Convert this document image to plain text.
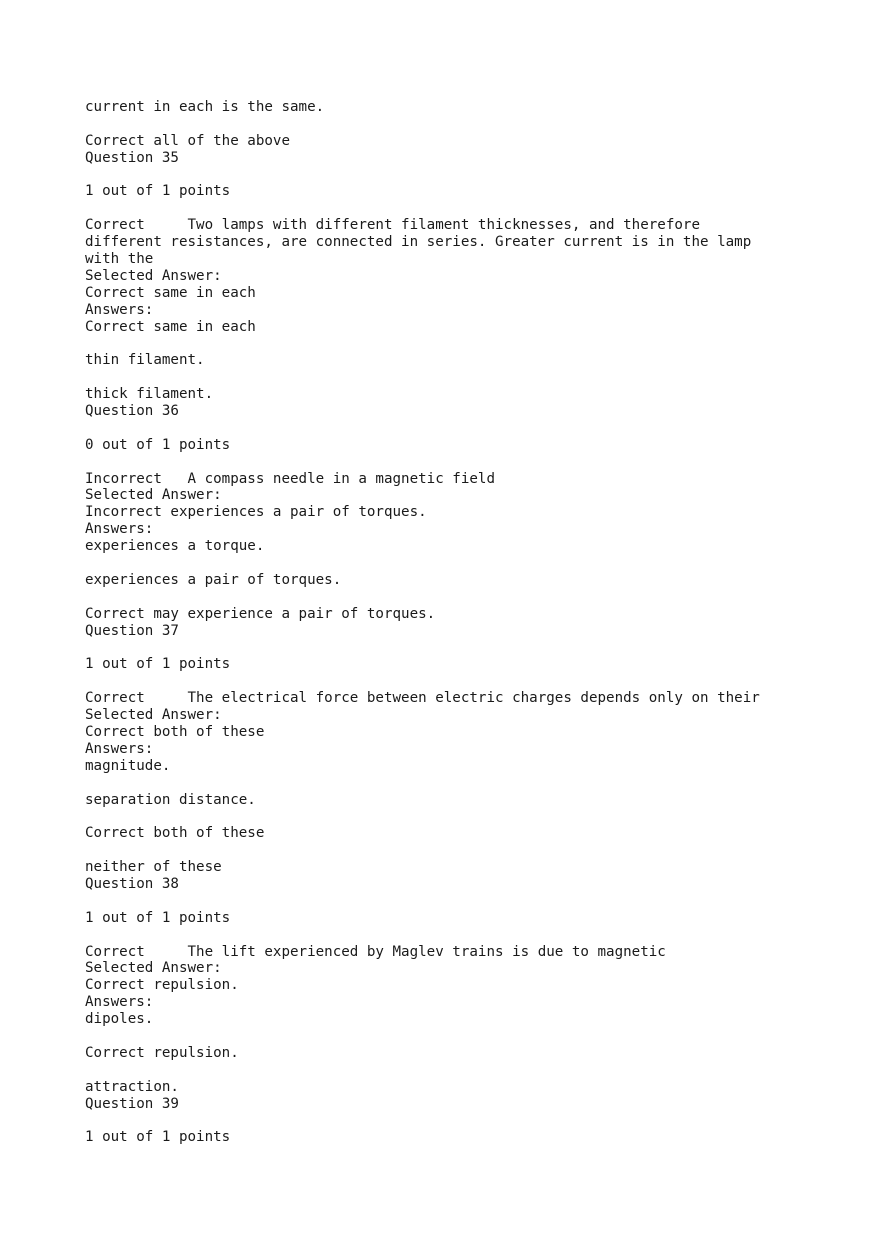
current in each is the same.
Correct all of the above
Question 35
1 out of 1 points
Correct     Two lamps with different filament thicknesses, and therefore
different resistances, are connected in series. Greater current is in the lamp
with the
Selected Answer:
Correct same in each
Answers:
Correct same in each
thin filament.
thick filament.
Question 36
0 out of 1 points
Incorrect   A compass needle in a magnetic field
Selected Answer:
Incorrect experiences a pair of torques.
Answers:
experiences a torque.
experiences a pair of torques.
Correct may experience a pair of torques.
Question 37
1 out of 1 points
Correct     The electrical force between electric charges depends only on their
Selected Answer:
Correct both of these
Answers:
magnitude.
separation distance.
Correct both of these
neither of these
Question 38
1 out of 1 points
Correct     The lift experienced by Maglev trains is due to magnetic
Selected Answer:
Correct repulsion.
Answers:
dipoles.
Correct repulsion.
attraction.
Question 39
1 out of 1 points
